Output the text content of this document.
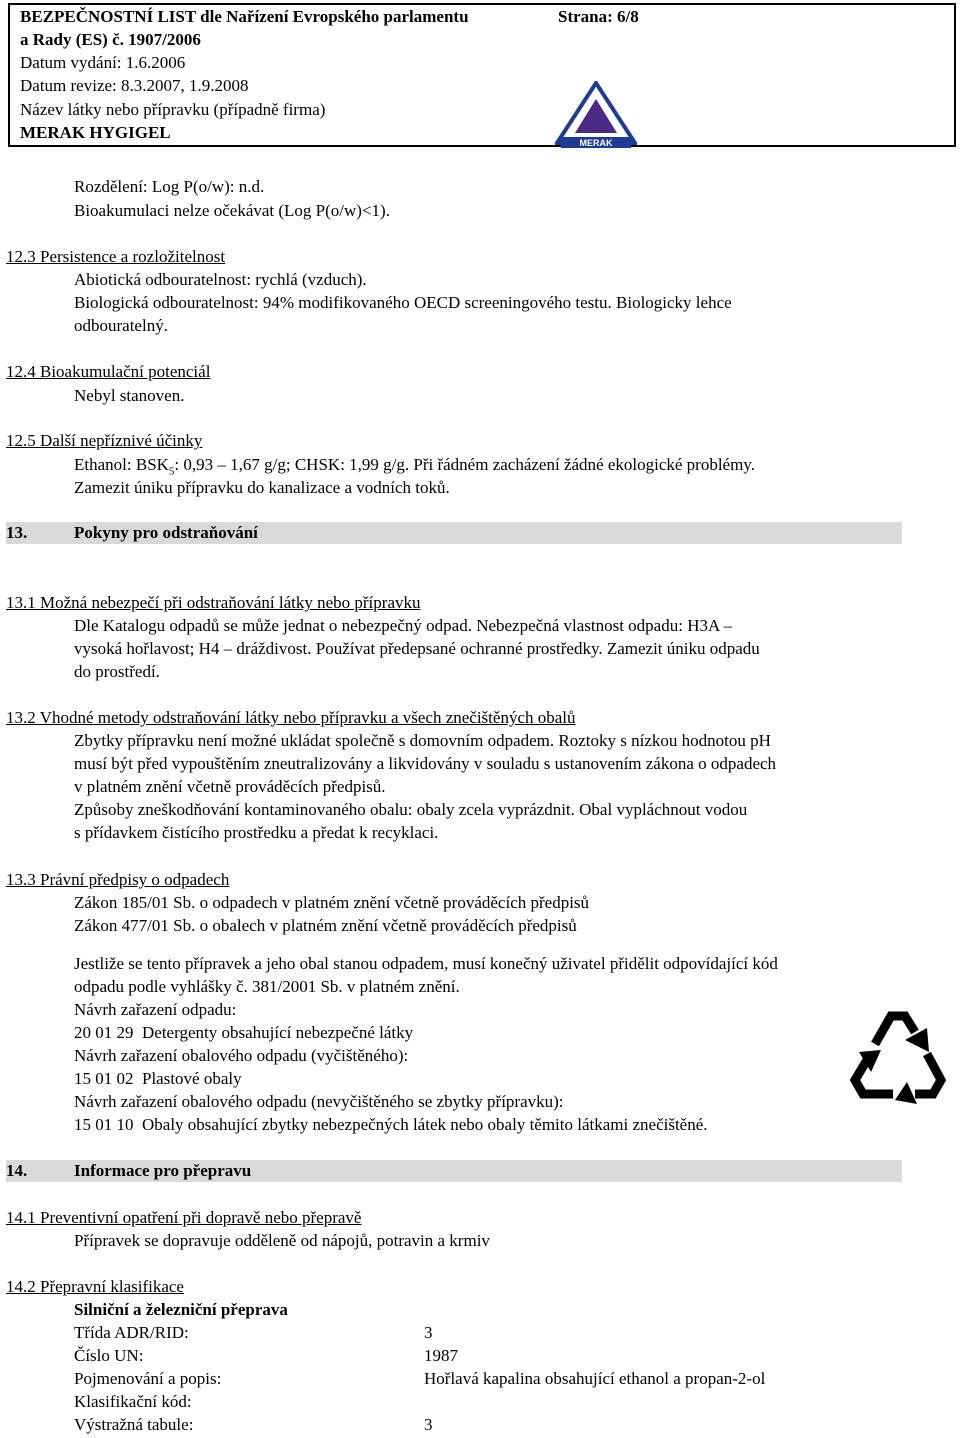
BEZPEČNOSTNÍ LIST dle Nařízení Evropského parlamentu	Strana: 6/8
a Rady (ES) č. 1907/2006
Datum vydání: 1.6.2006
Datum revize: 8.3.2007, 1.9.2008
Název látky nebo přípravku (případně firma)
MERAK HYGIGEL
MERAK
Rozdělení: Log P(o/w): n.d.
Bioakumulaci nelze očekávat (Log P(o/w)<1).
12.3 Persistence a rozložitelnost
Abiotická odbouratelnost: rychlá (vzduch).
Biologická odbouratelnost: 94% modifikovaného OECD screeningového testu. Biologicky lehce
odbouratelný.
12.4 Bioakumulační potenciál
Nebyl stanoven.
12.5 Další nepříznivé účinky
Ethanol: $BSK_5$: 0,93 – 1,67 g/g; CHSK: 1,99 g/g. Při řádném zacházení žádné ekologické problémy.
Zamezit úniku přípravku do kanalizace a vodních toků.
13.	Pokyny pro odstraňování
13.1 Možná nebezpečí při odstraňování látky nebo přípravku
Dle Katalogu odpadů se může jednat o nebezpečný odpad. Nebezpečná vlastnost odpadu: H3A –
vysoká hořlavost; H4 – dráždivost. Používat předepsané ochranné prostředky. Zamezit úniku odpadu
do prostředí.
13.2 Vhodné metody odstraňování látky nebo přípravku a všech znečištěných obalů
Zbytky přípravku není možné ukládat společně s domovním odpadem. Roztoky s nízkou hodnotou pH
musí být před vypouštěním zneutralizovány a likvidovány v souladu s ustanovením zákona o odpadech
v platném znění včetně prováděcích předpisů.
Způsoby zneškodňování kontaminovaného obalu: obaly zcela vyprázdnit. Obal vypláchnout vodou
s přídavkem čistícího prostředku a předat k recyklaci.
13.3 Právní předpisy o odpadech
Zákon 185/01 Sb. o odpadech v platném znění včetně prováděcích předpisů
Zákon 477/01 Sb. o obalech v platném znění včetně prováděcích předpisů
Jestliže se tento přípravek a jeho obal stanou odpadem, musí konečný uživatel přidělit odpovídající kód
odpadu podle vyhlášky č. 381/2001 Sb. v platném znění.
Návrh zařazení odpadu:
20 01 29  Detergenty obsahující nebezpečné látky
Návrh zařazení obalového odpadu (vyčištěného):
15 01 02  Plastové obaly
Návrh zařazení obalového odpadu (nevyčištěného se zbytky přípravku):
15 01 10  Obaly obsahující zbytky nebezpečných látek nebo obaly těmito látkami znečištěné.
14.	Informace pro přepravu
14.1 Preventivní opatření při dopravě nebo přepravě
Přípravek se dopravuje odděleně od nápojů, potravin a krmiv
14.2 Přepravní klasifikace
Silniční a železniční přeprava
Třída ADR/RID:	3
Číslo UN:	1987
Pojmenování a popis:	Hořlavá kapalina obsahující ethanol a propan-2-ol
Klasifikační kód:
Výstražná tabule:	3
